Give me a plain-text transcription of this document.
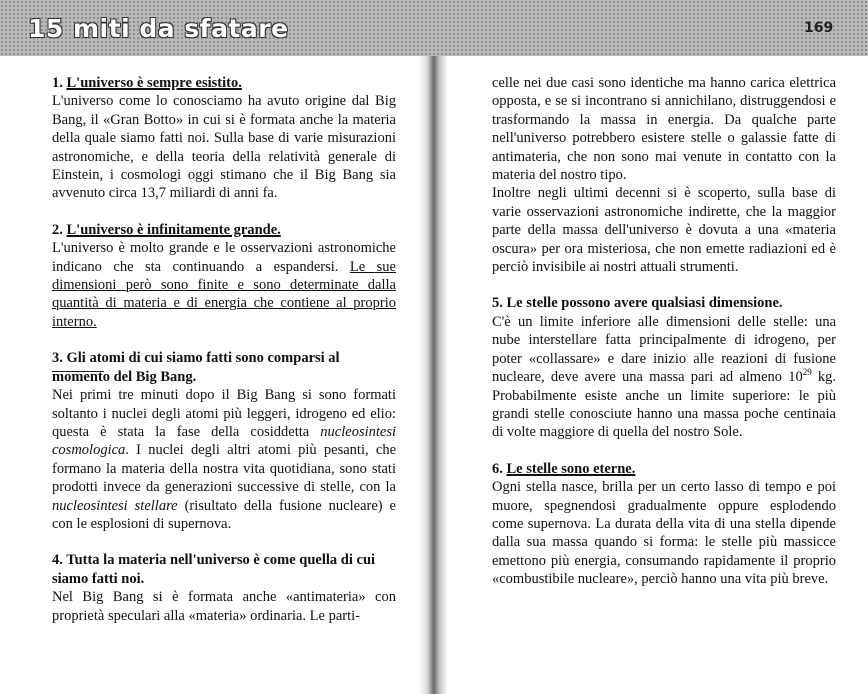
15 miti da sfatare	169

1. L'universo è sempre esistito.

L'universo come lo conosciamo ha avuto origine dal Big Bang, il «Gran Botto» in cui si è formata anche la materia della quale siamo fatti noi. Sulla base di varie misurazioni astronomiche, e della teoria della relatività generale di Einstein, i cosmologi oggi stimano che il Big Bang sia avvenuto circa 13,7 miliardi di anni fa.

2. L'universo è infinitamente grande.

L'universo è molto grande e le osservazioni astronomiche indicano che sta continuando a espandersi. Le sue dimensioni però sono finite e sono determinate dalla quantità di materia e di energia che contiene al proprio interno.

3. Gli atomi di cui siamo fatti sono comparsi al momento del Big Bang.

Nei primi tre minuti dopo il Big Bang si sono formati soltanto i nuclei degli atomi più leggeri, idrogeno ed elio: questa è stata la fase della cosiddetta nucleosintesi cosmologica. I nuclei degli altri atomi più pesanti, che formano la materia della nostra vita quotidiana, sono stati prodotti invece da generazioni successive di stelle, con la nucleosintesi stellare (risultato della fusione nucleare) e con le esplosioni di supernova.

4. Tutta la materia nell'universo è come quella di cui siamo fatti noi.

Nel Big Bang si è formata anche «antimateria» con proprietà speculari alla «materia» ordinaria. Le parti-

celle nei due casi sono identiche ma hanno carica elettrica opposta, e se si incontrano si annichilano, distruggendosi e trasformando la massa in energia. Da qualche parte nell'universo potrebbero esistere stelle o galassie fatte di antimateria, che non sono mai venute in contatto con la materia del nostro tipo.

Inoltre negli ultimi decenni si è scoperto, sulla base di varie osservazioni astronomiche indirette, che la maggior parte della massa dell'universo è dovuta a una «materia oscura» per ora misteriosa, che non emette radiazioni ed è perciò invisibile ai nostri attuali strumenti.

5. Le stelle possono avere qualsiasi dimensione.

C'è un limite inferiore alle dimensioni delle stelle: una nube interstellare fatta principalmente di idrogeno, per poter «collassare» e dare inizio alle reazioni di fusione nucleare, deve avere una massa pari ad almeno $10^{29}$ kg. Probabilmente esiste anche un limite superiore: le più grandi stelle conosciute hanno una massa poche centinaia di volte maggiore di quella del nostro Sole.

6. Le stelle sono eterne.

Ogni stella nasce, brilla per un certo lasso di tempo e poi muore, spegnendosi gradualmente oppure esplodendo come supernova. La durata della vita di una stella dipende dalla sua massa quando si forma: le stelle più massicce emettono più energia, consumando rapidamente il proprio «combustibile nucleare», perciò hanno una vita più breve.
